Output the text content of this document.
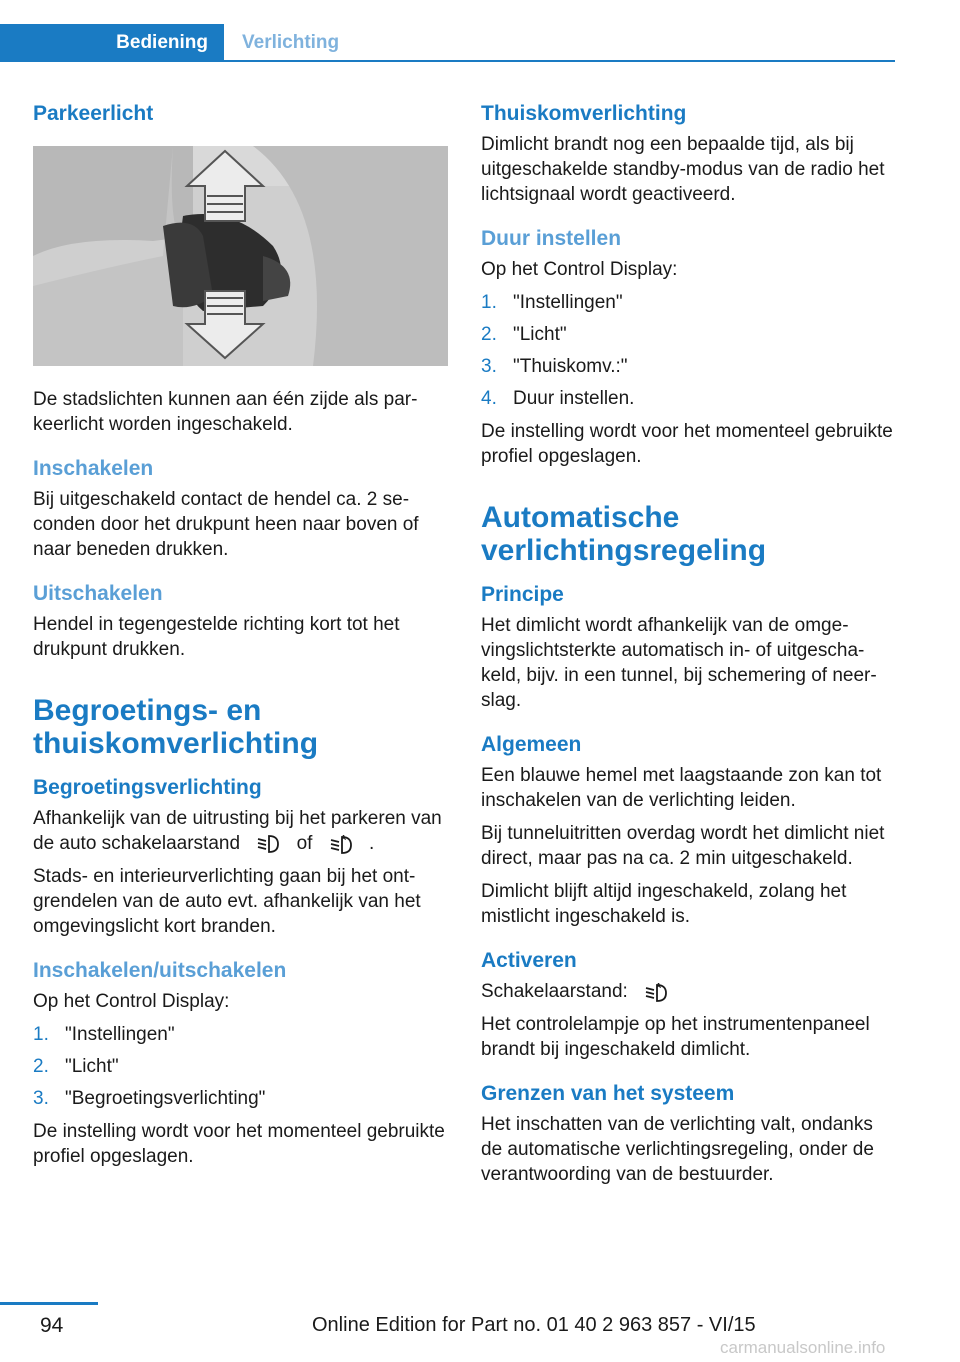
Bediening	Verlichting
Parkeerlicht

De stadslichten kunnen aan één zijde als parkeerlicht worden ingeschakeld.

Inschakelen

Bij uitgeschakeld contact de hendel ca. 2 seconden door het drukpunt heen naar boven of naar beneden drukken.

Uitschakelen

Hendel in tegengestelde richting kort tot het drukpunt drukken.

Begroetings- en thuiskomverlichting
Begroetingsverlichting

Afhankelijk van de uitrusting bij het parkeren van de auto schakelaarstand	of	A .

Stads- en interieurverlichting gaan bij het ontgrendelen van de auto evt. afhankelijk van het omgevingslicht kort branden.

Inschakelen/uitschakelen

Op het Control Display:

1. "Instellingen"
2. "Licht"
3. "Begroetingsverlichting"

De instelling wordt voor het momenteel gebruikte profiel opgeslagen.

Thuiskomverlichting

Dimlicht brandt nog een bepaalde tijd, als bij uitgeschakelde standby-modus van de radio het lichtsignaal wordt geactiveerd.

Duur instellen

Op het Control Display:

1. "Instellingen"
2. "Licht"
3. "Thuiskomv.:"
4. Duur instellen.

De instelling wordt voor het momenteel gebruikte profiel opgeslagen.

Automatische verlichtingsregeling
Principe

Het dimlicht wordt afhankelijk van de omgevingslichtsterkte automatisch in- of uitgeschakeld, bijv. in een tunnel, bij schemering of neerslag.

Algemeen

Een blauwe hemel met laagstaande zon kan tot inschakelen van de verlichting leiden.

Bij tunneluitritten overdag wordt het dimlicht niet direct, maar pas na ca. 2 min uitgeschakeld.

Dimlicht blijft altijd ingeschakeld, zolang het mistlicht ingeschakeld is.

Activeren

Schakelaarstand:	A

Het controlelampje op het instrumentenpaneel brandt bij ingeschakeld dimlicht.

Grenzen van het systeem

Het inschatten van de verlichting valt, ondanks de automatische verlichtingsregeling, onder de verantwoording van de bestuurder.

94	Online Edition for Part no. 01 40 2 963 857 - VI/15
carmanualsonline.info
